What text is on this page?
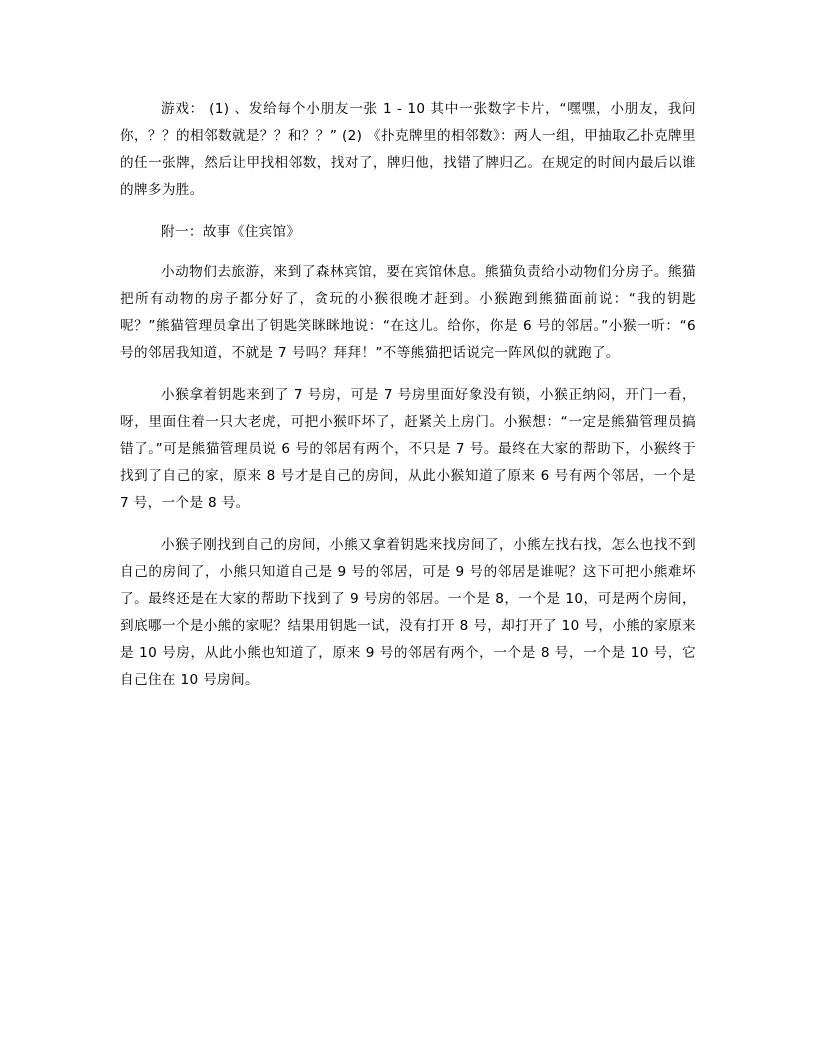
游戏： (1) 、发给每个小朋友一张 1 - 10 其中一张数字卡片，“嘿嘿，小朋友，我问你，？？的相邻数就是？？和？？” (2) 《扑克牌里的相邻数》：两人一组，甲抽取乙扑克牌里的任一张牌，然后让甲找相邻数，找对了，牌归他，找错了牌归乙。在规定的时间内最后以谁的牌多为胜。

附一：故事《住宾馆》

小动物们去旅游，来到了森林宾馆，要在宾馆休息。熊猫负责给小动物们分房子。熊猫把所有动物的房子都分好了，贪玩的小猴很晚才赶到。小猴跑到熊猫面前说：“我的钥匙呢？”熊猫管理员拿出了钥匙笑眯眯地说：“在这儿。给你，你是 6 号的邻居。”小猴一听：“6 号的邻居我知道，不就是 7 号吗？拜拜！”不等熊猫把话说完一阵风似的就跑了。

小猴拿着钥匙来到了 7 号房，可是 7 号房里面好象没有锁，小猴正纳闷，开门一看，呀，里面住着一只大老虎，可把小猴吓坏了，赶紧关上房门。小猴想：“一定是熊猫管理员搞错了。”可是熊猫管理员说 6 号的邻居有两个，不只是 7 号。最终在大家的帮助下，小猴终于找到了自己的家，原来 8 号才是自己的房间，从此小猴知道了原来 6 号有两个邻居，一个是 7 号，一个是 8 号。

小猴子刚找到自己的房间，小熊又拿着钥匙来找房间了，小熊左找右找，怎么也找不到自己的房间了，小熊只知道自己是 9 号的邻居，可是 9 号的邻居是谁呢？这下可把小熊难坏了。最终还是在大家的帮助下找到了 9 号房的邻居。一个是 8，一个是 10，可是两个房间，到底哪一个是小熊的家呢？结果用钥匙一试，没有打开 8 号，却打开了 10 号，小熊的家原来是 10 号房，从此小熊也知道了，原来 9 号的邻居有两个，一个是 8 号，一个是 10 号，它自己住在 10 号房间。
